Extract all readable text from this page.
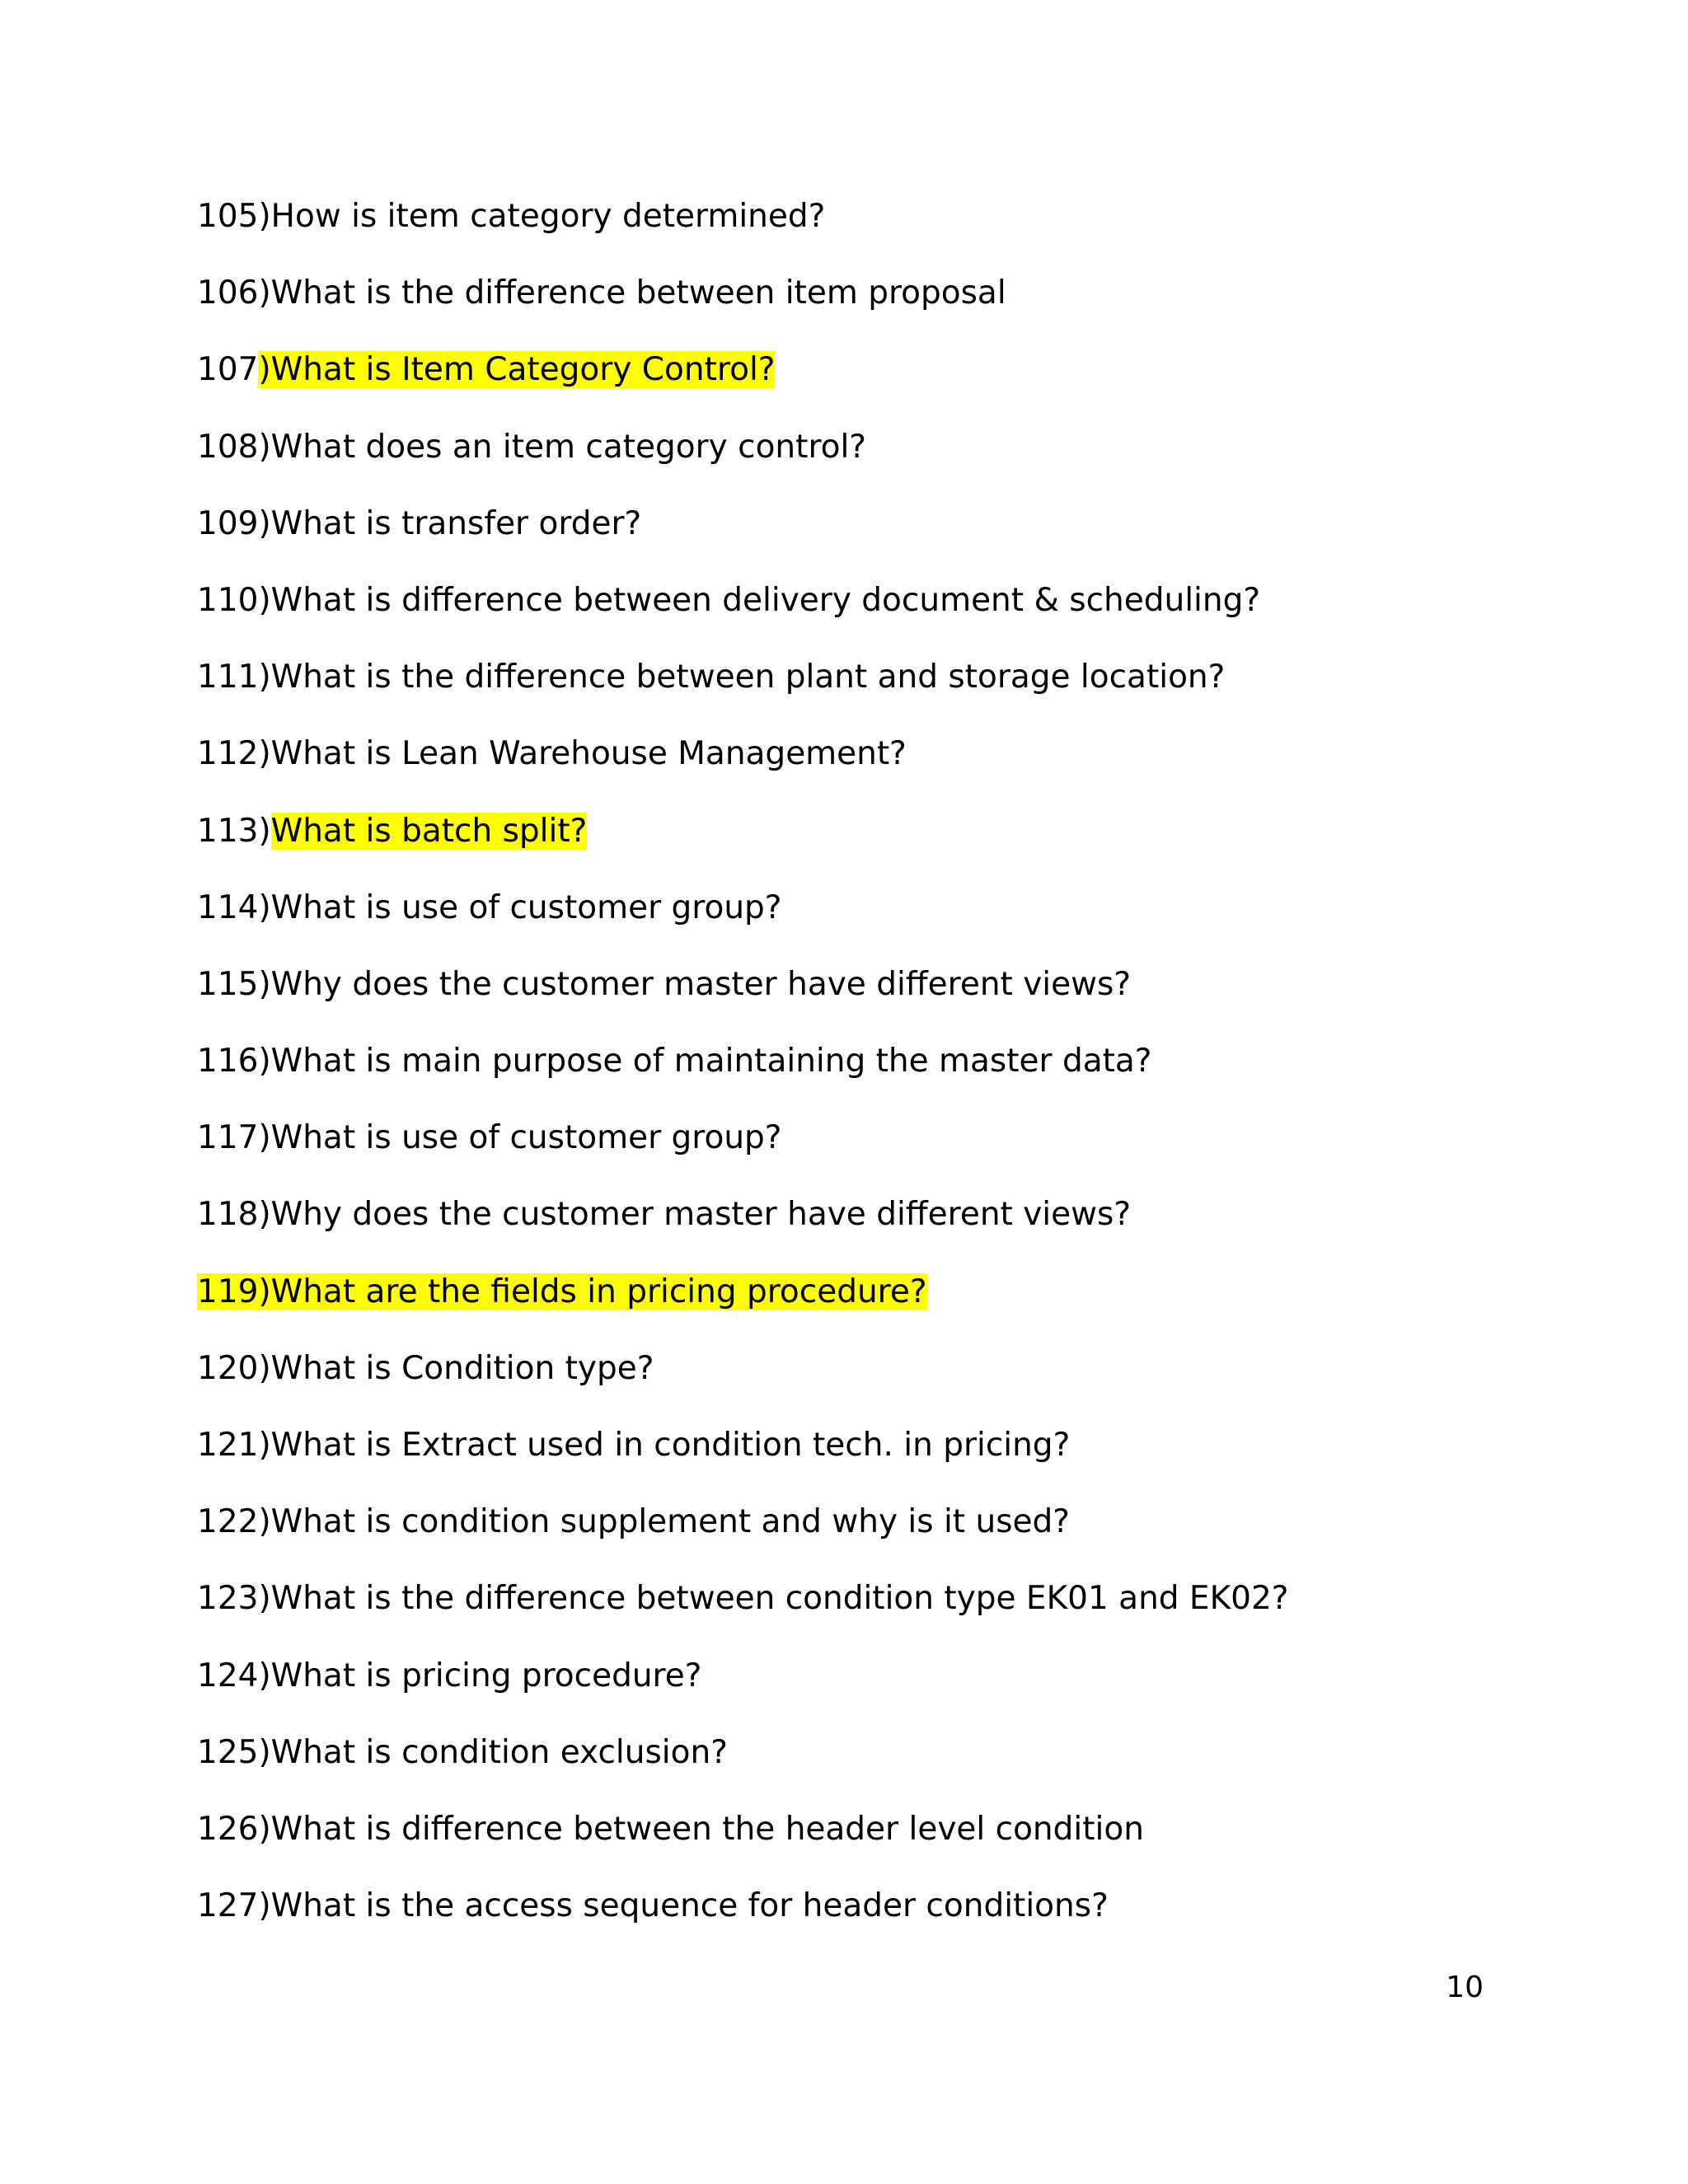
105)How is item category determined?
106)What is the difference between item proposal
107)What is Item Category Control?
108)What does an item category control?
109)What is transfer order?
110)What is difference between delivery document & scheduling?
111)What is the difference between plant and storage location?
112)What is Lean Warehouse Management?
113)What is batch split?
114)What is use of customer group?
115)Why does the customer master have different views?
116)What is main purpose of maintaining the master data?
117)What is use of customer group?
118)Why does the customer master have different views?
119)What are the fields in pricing procedure?
120)What is Condition type?
121)What is Extract used in condition tech. in pricing?
122)What is condition supplement and why is it used?
123)What is the difference between condition type EK01 and EK02?
124)What is pricing procedure?
125)What is condition exclusion?
126)What is difference between the header level condition
127)What is the access sequence for header conditions?
10
